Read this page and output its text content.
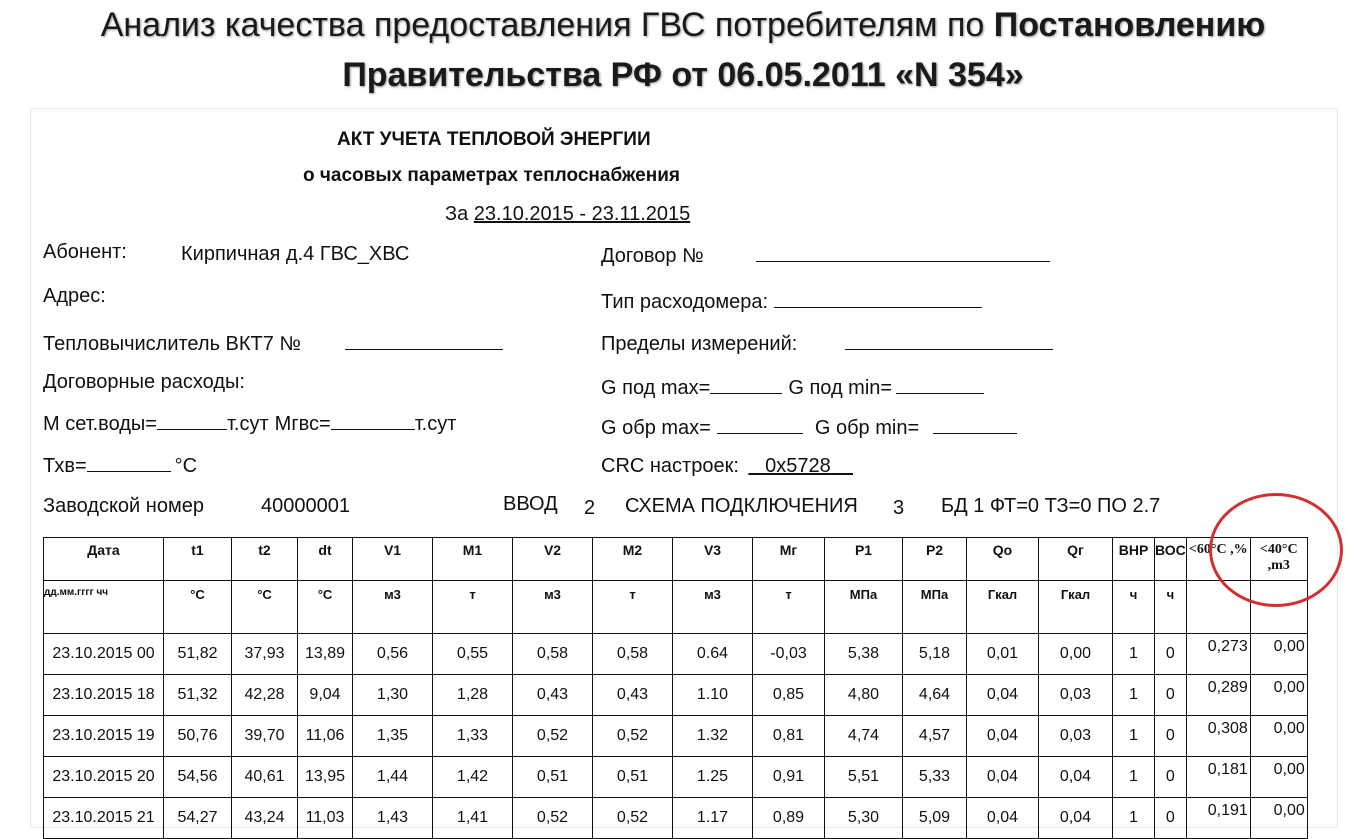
Анализ качества предоставления ГВС потребителям по Постановлению
Правительства РФ от 06.05.2011 «N 354»
АКТ УЧЕТА ТЕПЛОВОЙ ЭНЕРГИИ
о часовых параметрах теплоснабжения
За 23.10.2015 - 23.11.2015
Абонент:	Кирпичная д.4 ГВС_ХВС	Договор №
Адрес:	Тип расходомера:
Тепловычислитель ВКТ7 №	Пределы измерений:
Договорные расходы:	G под max=	G под min=
М сет.воды=	т.сут Мгвс=	т.сут	G обр max=	G обр min=
Тхв=	°С	CRC настроек: 0x5728
Заводской номер	40000001	ВВОД 2 СХЕМА ПОДКЛЮЧЕНИЯ 3 БД 1 ФТ=0 ТЗ=0 ПО 2.7
Дата	t1	t2	dt	V1	M1	V2	M2	V3	Mг	P1	P2	Qo	Qг	ВНР	ВОС	<60°C ,%	<40°C ,m3
дд.мм.гггг чч	°С	°С	°С	м3	т	м3	т	м3	т	МПа	МПа	Гкал	Гкал	ч	ч		
23.10.2015 00	51,82	37,93	13,89	0,56	0,55	0,58	0,58	0.64	-0,03	5,38	5,18	0,01	0,00	1	0	0,273	0,00
23.10.2015 18	51,32	42,28	9,04	1,30	1,28	0,43	0,43	1.10	0,85	4,80	4,64	0,04	0,03	1	0	0,289	0,00
23.10.2015 19	50,76	39,70	11,06	1,35	1,33	0,52	0,52	1.32	0,81	4,74	4,57	0,04	0,03	1	0	0,308	0,00
23.10.2015 20	54,56	40,61	13,95	1,44	1,42	0,51	0,51	1.25	0,91	5,51	5,33	0,04	0,04	1	0	0,181	0,00
23.10.2015 21	54,27	43,24	11,03	1,43	1,41	0,52	0,52	1.17	0,89	5,30	5,09	0,04	0,04	1	0	0,191	0,00
